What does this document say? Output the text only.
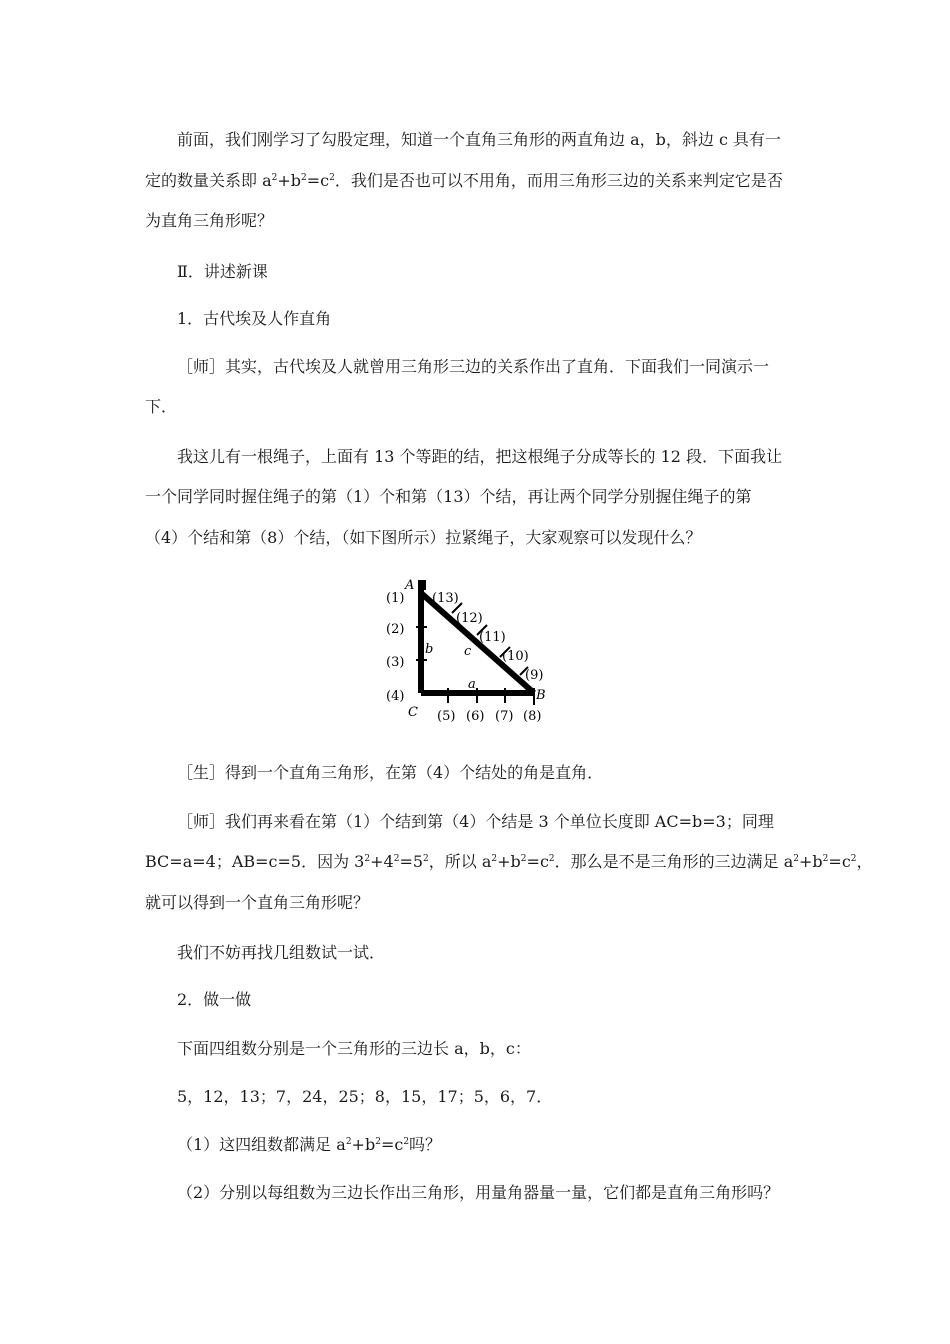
前面，我们刚学习了勾股定理，知道一个直角三角形的两直角边 a，b，斜边 c 具有一
定的数量关系即 $a^2+b^2=c^2$．我们是否也可以不用角，而用三角形三边的关系来判定它是否
为直角三角形呢？
Ⅱ．讲述新课
1．古代埃及人作直角
［师］其实，古代埃及人就曾用三角形三边的关系作出了直角．下面我们一同演示一
下．
我这儿有一根绳子，上面有 13 个等距的结，把这根绳子分成等长的 12 段．下面我让
一个同学同时握住绳子的第（1）个和第（13）个结，再让两个同学分别握住绳子的第
（4）个结和第（8）个结，（如下图所示）拉紧绳子，大家观察可以发现什么？
A
B
C
a
b c
(1)
(2)
(3)
(4)
(5) (6) (7) (8)
(9)
(10)
(11)
(12)
(13)
［生］得到一个直角三角形，在第（4）个结处的角是直角．
［师］我们再来看在第（1）个结到第（4）个结是 3 个单位长度即 AC=b=3；同理
BC=a=4；AB=c=5．因为 $3^2+4^2=5^2$，所以 $a^2+b^2=c^2$．那么是不是三角形的三边满足 $a^2+b^2=c^2$，
就可以得到一个直角三角形呢？
我们不妨再找几组数试一试．
2．做一做
下面四组数分别是一个三角形的三边长 a，b，c：
5，12，13；7，24，25；8，15，17；5，6，7．
（1）这四组数都满足 $a^2+b^2=c^2$吗？
（2）分别以每组数为三边长作出三角形，用量角器量一量，它们都是直角三角形吗？
